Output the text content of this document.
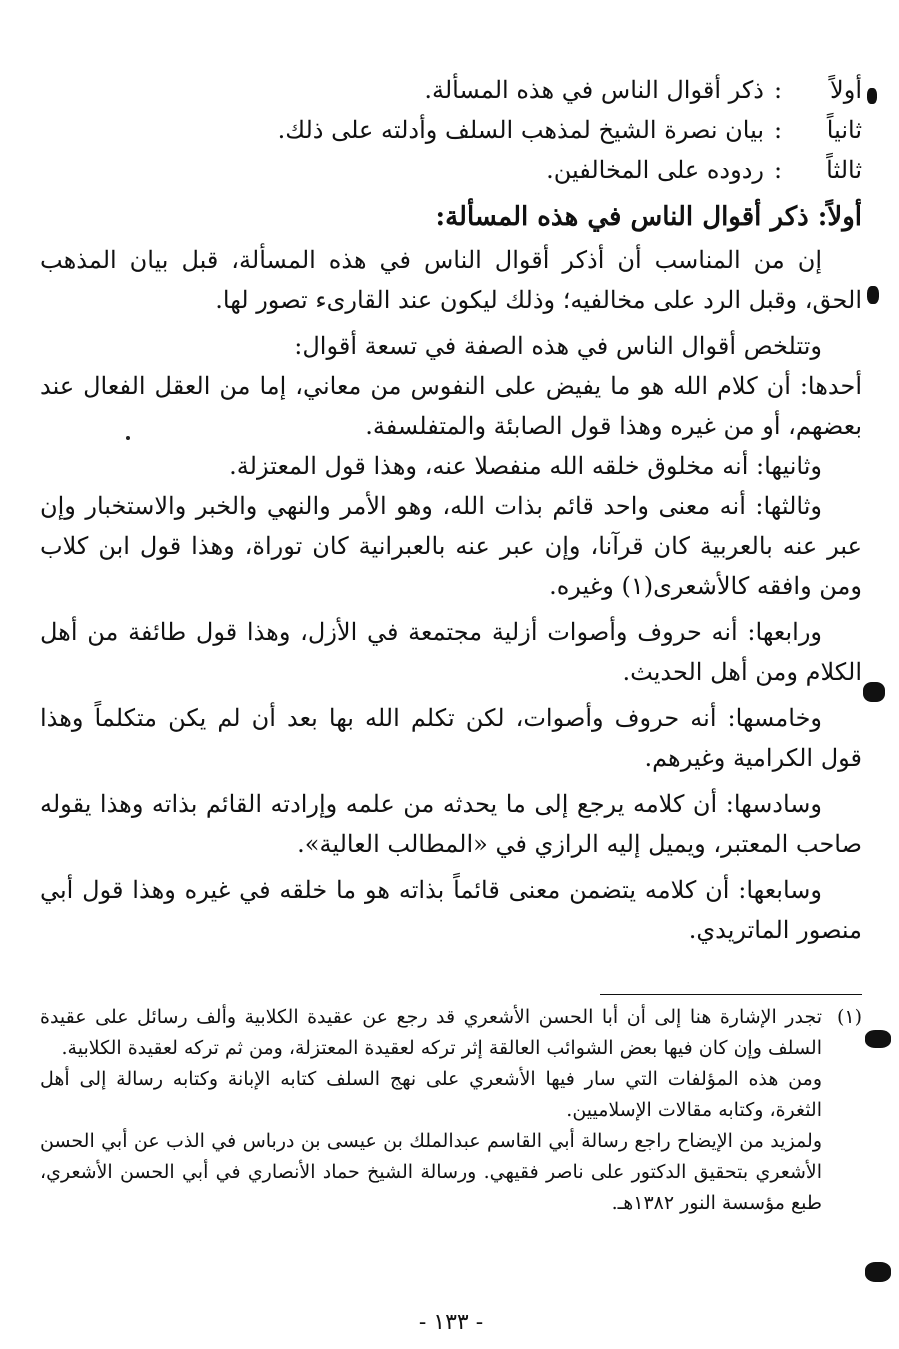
أولاً
:
ذكر أقوال الناس في هذه المسألة.
ثانياً
:
بيان نصرة الشيخ لمذهب السلف وأدلته على ذلك.
ثالثاً
:
ردوده على المخالفين.
أولاً: ذكر أقوال الناس في هذه المسألة:

إن من المناسب أن أذكر أقوال الناس في هذه المسألة، قبل بيان المذهب الحق، وقبل الرد على مخالفيه؛ وذلك ليكون عند القارىء تصور لها.

وتتلخص أقوال الناس في هذه الصفة في تسعة أقوال:

أحدها: أن كلام الله هو ما يفيض على النفوس من معاني، إما من العقل الفعال عند بعضهم، أو من غيره وهذا قول الصابئة والمتفلسفة.

وثانيها: أنه مخلوق خلقه الله منفصلا عنه، وهذا قول المعتزلة.

وثالثها: أنه معنى واحد قائم بذات الله، وهو الأمر والنهي والخبر والاستخبار وإن عبر عنه بالعربية كان قرآنا، وإن عبر عنه بالعبرانية كان توراة، وهذا قول ابن كلاب ومن وافقه كالأشعرى(١) وغيره.

ورابعها: أنه حروف وأصوات أزلية مجتمعة في الأزل، وهذا قول طائفة من أهل الكلام ومن أهل الحديث.

وخامسها: أنه حروف وأصوات، لكن تكلم الله بها بعد أن لم يكن متكلماً وهذا قول الكرامية وغيرهم.

وسادسها: أن كلامه يرجع إلى ما يحدثه من علمه وإرادته القائم بذاته وهذا يقوله صاحب المعتبر، ويميل إليه الرازي في «المطالب العالية».

وسابعها: أن كلامه يتضمن معنى قائماً بذاته هو ما خلقه في غيره وهذا قول أبي منصور الماتريدي.

(١)
تجدر الإشارة هنا إلى أن أبا الحسن الأشعري قد رجع عن عقيدة الكلابية وألف رسائل على عقيدة السلف وإن كان فيها بعض الشوائب العالقة إثر تركه لعقيدة المعتزلة، ومن ثم تركه لعقيدة الكلابية.

ومن هذه المؤلفات التي سار فيها الأشعري على نهج السلف كتابه الإبانة وكتابه رسالة إلى أهل الثغرة، وكتابه مقالات الإسلاميين.

ولمزيد من الإيضاح راجع رسالة أبي القاسم عبدالملك بن عيسى بن درباس في الذب عن أبي الحسن الأشعري بتحقيق الدكتور على ناصر فقيهي. ورسالة الشيخ حماد الأنصاري في أبي الحسن الأشعري، طبع مؤسسة النور ١٣٨٢هـ.

- ١٣٣ -
